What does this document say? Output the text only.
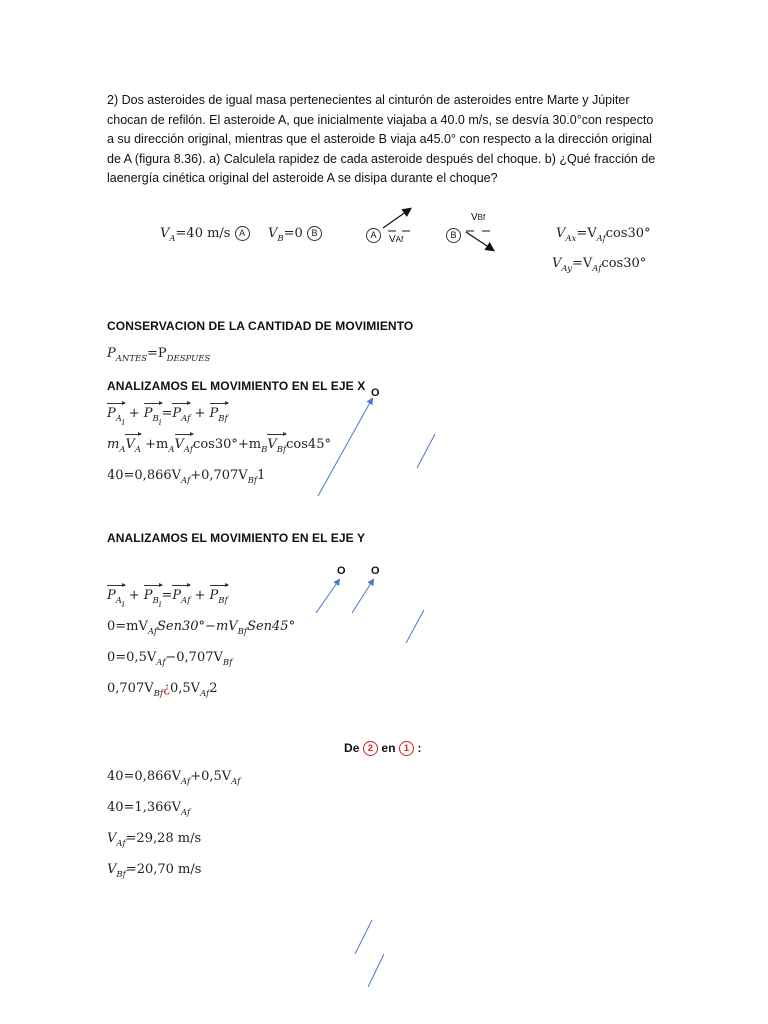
2) Dos asteroides de igual masa pertenecientes al cinturón de asteroides entre Marte y Júpiter

chocan de refilón. El asteroide A, que inicialmente viajaba a 40.0 m/s, se desvía 30.0°con respecto

a su dirección original, mientras que el asteroide B viaja a45.0° con respecto a la dirección original

de A (figura 8.36). a) Calculela rapidez de cada asteroide después del choque. b) ¿Qué fracción de

laenergía cinética original del asteroide A se disipa durante el choque?

$V_A=40$ m/s A	$V_B=0$ B	A	VAf	B
VBf
$V_{Ax}=V_{Af}\cos 30^\circ$
$V_{Ay}=V_{Af}\cos 30^\circ$
CONSERVACION DE LA CANTIDAD DE MOVIMIENTO
$P_{ANTES}=P_{DESPUES}$
ANALIZAMOS EL MOVIMIENTO EN EL EJE X
$P_{A_i} + P_{B_i}=P_{Af} + P_{Bf}$
$m_AV_A +m_AV_{Af}\cos 30^\circ+m_BV_{Bf}\cos 45^\circ$
$40=0,866V_{Af}+0,707V_{Bf}1$
ANALIZAMOS EL MOVIMIENTO EN EL EJE Y
$P_{A_i} + P_{B_i}=P_{Af} + P_{Bf}$
$0=mV_{Af}Sen30^\circ-mV_{Bf}Sen45^\circ$
$0=0,5V_{Af}-0,707V_{Bf}$
$0,707V_{Bf}¿0,5V_{Af}2$
De 2 en 1 :
$40=0,866V_{Af}+0,5V_{Af}$
$40=1,366V_{Af}$
$V_{Af}=29,28$ m/s
$V_{Bf}=20,70$ m/s
O
O O
